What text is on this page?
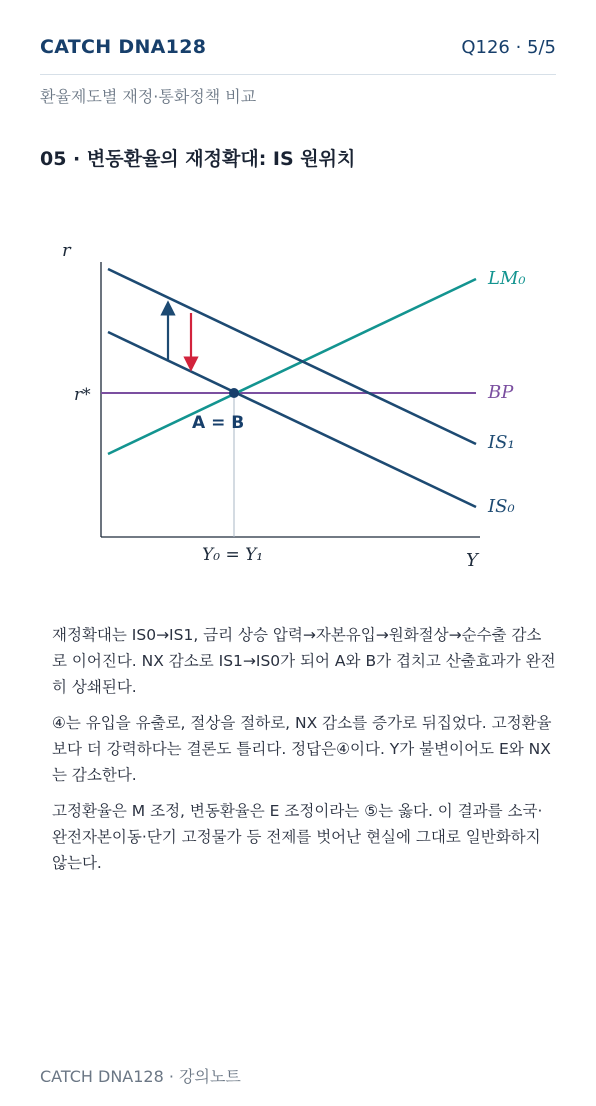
CATCH DNA128	Q126 · 5/5
환율제도별 재정·통화정책 비교
05 · 변동환율의 재정확대: IS 원위치
r
r*
Y
Y₀ = Y₁
A = B
LM₀
BP
IS₁
IS₀

재정확대는 IS0→IS1, 금리 상승 압력→자본유입→원화절상→순수출 감소로 이어진다. NX 감소로 IS1→IS0가 되어 A와 B가 겹치고 산출효과가 완전히 상쇄된다.

④는 유입을 유출로, 절상을 절하로, NX 감소를 증가로 뒤집었다. 고정환율보다 더 강력하다는 결론도 틀리다. 정답은④이다. Y가 불변이어도 E와 NX는 감소한다.

고정환율은 M 조정, 변동환율은 E 조정이라는 ⑤는 옳다. 이 결과를 소국·완전자본이동·단기 고정물가 등 전제를 벗어난 현실에 그대로 일반화하지 않는다.

CATCH DNA128 · 강의노트
